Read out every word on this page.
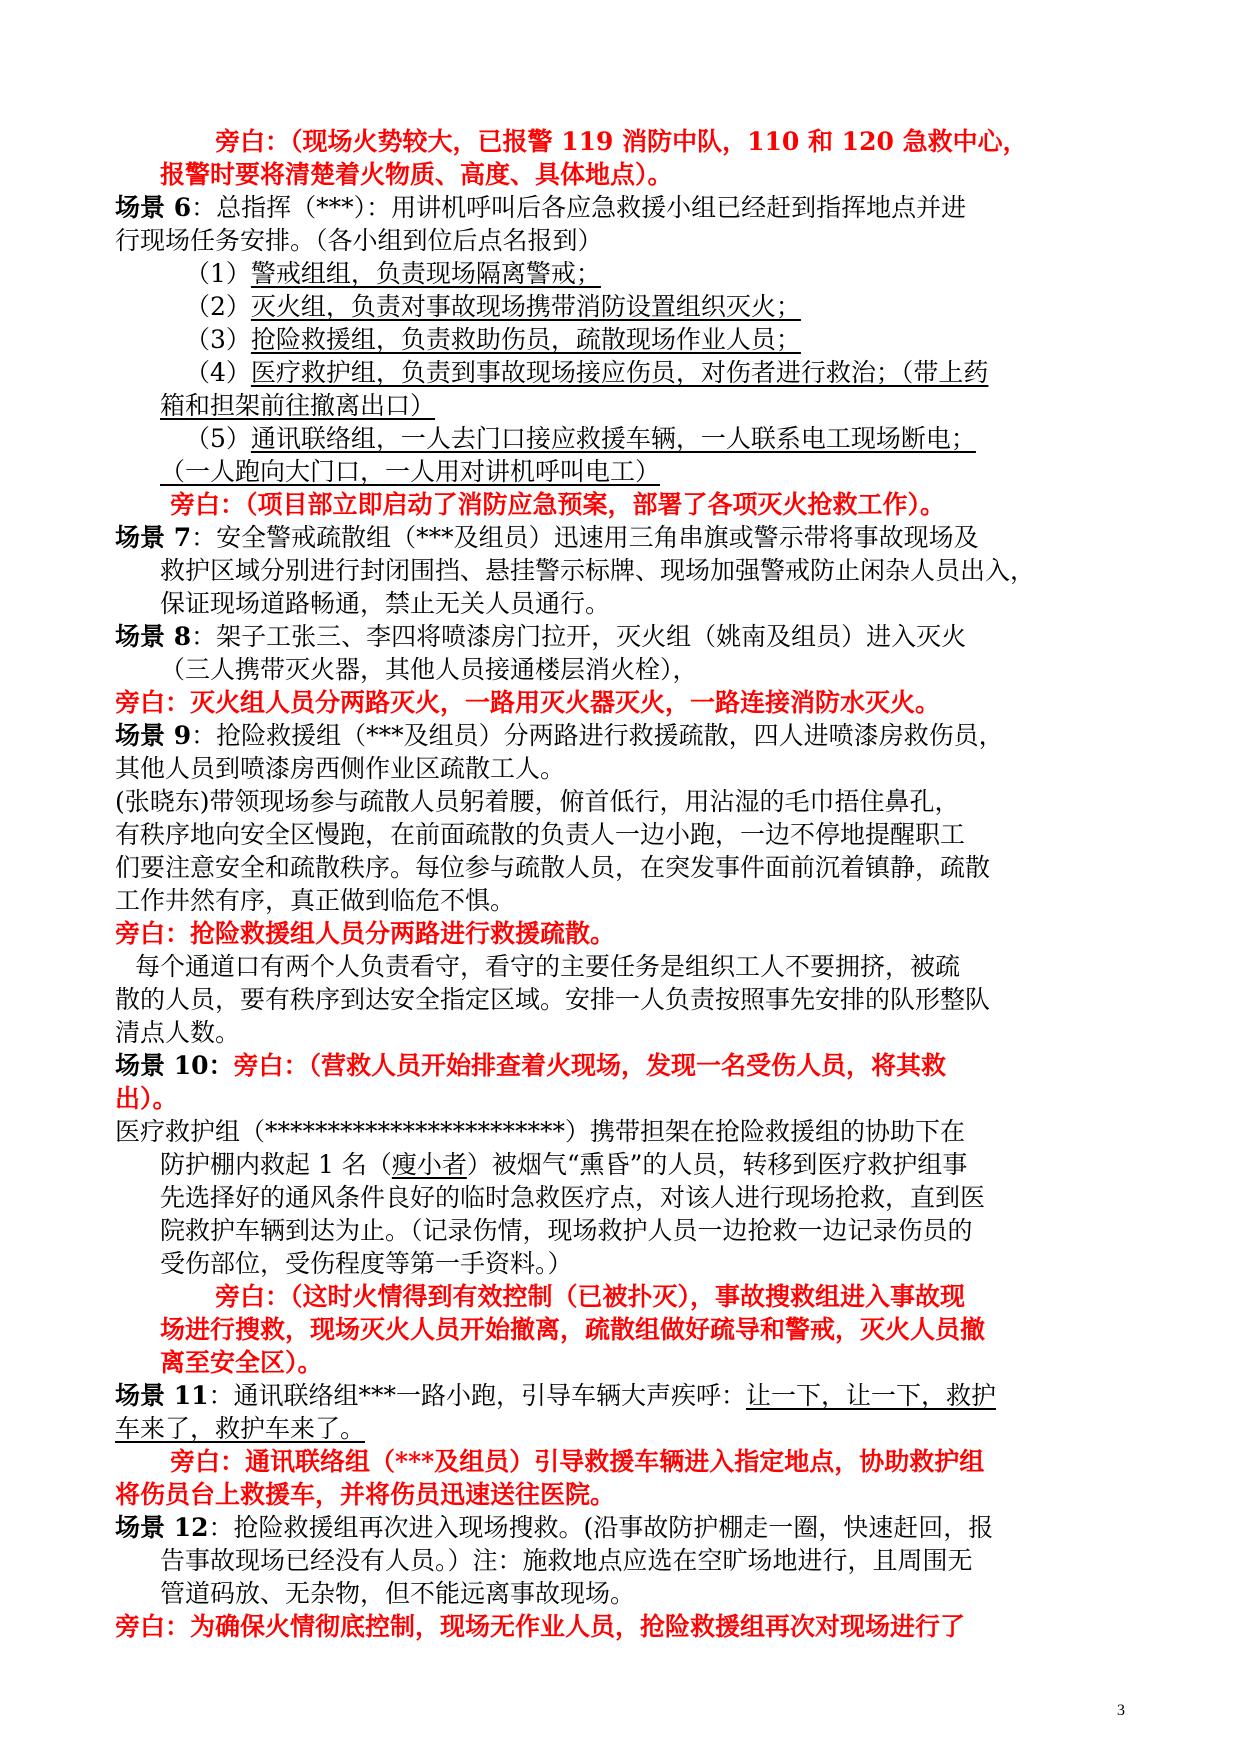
旁白：（现场火势较大，已报警 119 消防中队，110 和 120 急救中心，
报警时要将清楚着火物质、高度、具体地点）。
场景 6：总指挥（***）：用讲机呼叫后各应急救援小组已经赶到指挥地点并进
行现场任务安排。（各小组到位后点名报到）
（1）警戒组组，负责现场隔离警戒；
（2）灭火组，负责对事故现场携带消防设置组织灭火；
（3）抢险救援组，负责救助伤员，疏散现场作业人员；
（4）医疗救护组，负责到事故现场接应伤员，对伤者进行救治；（带上药
箱和担架前往撤离出口）
（5）通讯联络组，一人去门口接应救援车辆，一人联系电工现场断电；
（一人跑向大门口，一人用对讲机呼叫电工）
旁白：（项目部立即启动了消防应急预案，部署了各项灭火抢救工作）。
场景 7：安全警戒疏散组（***及组员）迅速用三角串旗或警示带将事故现场及
救护区域分别进行封闭围挡、悬挂警示标牌、现场加强警戒防止闲杂人员出入，
保证现场道路畅通，禁止无关人员通行。
场景 8：架子工张三、李四将喷漆房门拉开，灭火组（姚南及组员）进入灭火
（三人携带灭火器，其他人员接通楼层消火栓），
旁白：灭火组人员分两路灭火，一路用灭火器灭火，一路连接消防水灭火。
场景 9：抢险救援组（***及组员）分两路进行救援疏散，四人进喷漆房救伤员，
其他人员到喷漆房西侧作业区疏散工人。
(张晓东)带领现场参与疏散人员躬着腰，俯首低行，用沾湿的毛巾捂住鼻孔，
有秩序地向安全区慢跑，在前面疏散的负责人一边小跑，一边不停地提醒职工
们要注意安全和疏散秩序。每位参与疏散人员，在突发事件面前沉着镇静，疏散
工作井然有序，真正做到临危不惧。
旁白：抢险救援组人员分两路进行救援疏散。
每个通道口有两个人负责看守，看守的主要任务是组织工人不要拥挤，被疏
散的人员，要有秩序到达安全指定区域。安排一人负责按照事先安排的队形整队
清点人数。
场景 10：旁白：（营救人员开始排查着火现场，发现一名受伤人员，将其救
出）。
医疗救护组（************************）携带担架在抢险救援组的协助下在
防护棚内救起 1 名（瘦小者）被烟气“熏昏”的人员，转移到医疗救护组事
先选择好的通风条件良好的临时急救医疗点，对该人进行现场抢救，直到医
院救护车辆到达为止。（记录伤情，现场救护人员一边抢救一边记录伤员的
受伤部位，受伤程度等第一手资料。）
旁白：（这时火情得到有效控制（已被扑灭），事故搜救组进入事故现
场进行搜救，现场灭火人员开始撤离，疏散组做好疏导和警戒，灭火人员撤
离至安全区）。
场景 11：通讯联络组***一路小跑，引导车辆大声疾呼：让一下，让一下，救护
车来了，救护车来了。
旁白：通讯联络组（***及组员）引导救援车辆进入指定地点，协助救护组
将伤员台上救援车，并将伤员迅速送往医院。
场景 12：抢险救援组再次进入现场搜救。(沿事故防护棚走一圈，快速赶回，报
告事故现场已经没有人员。）注：施救地点应选在空旷场地进行，且周围无
管道码放、无杂物，但不能远离事故现场。
旁白：为确保火情彻底控制，现场无作业人员，抢险救援组再次对现场进行了
3
